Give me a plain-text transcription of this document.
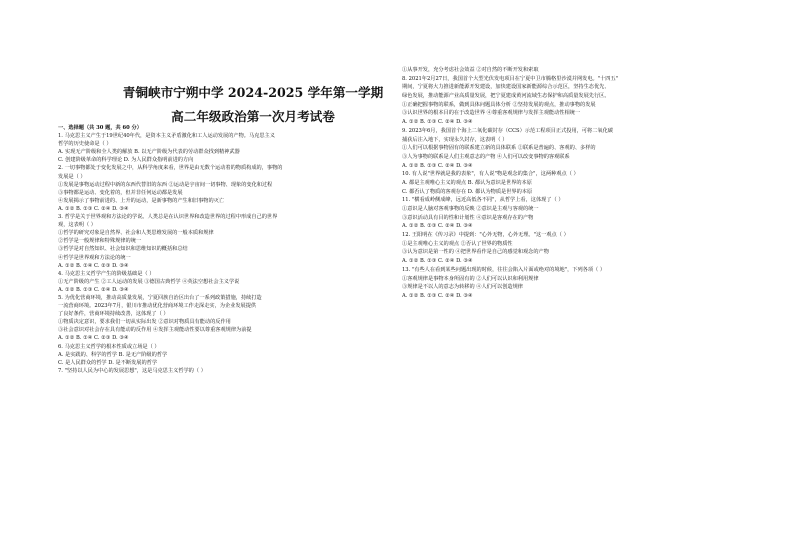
青铜峡市宁朔中学 2024-2025 学年第一学期
高二年级政治第一次月考试卷
一、选择题（共 30 题，共 60 分）
1. 马克思主义产生于19世纪40年代，是资本主义矛盾激化和工人运动发展的产物。马克思主义
哲学的历史使命是（ ）
A. 实现无产阶级和全人类的解放 B. 以无产阶级为代表的劳动群众找到精神武器
C. 创建阶级革命的科学理论 D. 为人民群众指明前进的方向
2. 一切事物都处于变化发展之中，从科学角度来看，世界是由无数个运动着的物质构成的，事物的
发展是（ ）
①发展是事物运动过程中新的东西代替旧的东西 ②运动是宇宙间一切事物、现象的变化和过程
③事物都是运动、变化着的，但并非任何运动都是发展
④发展揭示了事物前进的、上升的运动，是新事物的产生和旧事物的灭亡
A. ①② B. ①③ C. ②④ D. ③④
3. 哲学是关于世界观和方法论的学说。人类总是在认识世界和改造世界的过程中形成自己的世界
观，这表明（ ）
①哲学的研究对象是自然界、社会和人类思维发展的一般本质和规律
②哲学是一般规律和特殊规律的统一
③哲学是对自然知识、社会知识和思维知识的概括和总结
④哲学是世界观和方法论的统一
A. ①② B. ①④ C. ②③ D. ③④
4. 马克思主义哲学产生的阶级基础是（ ）
①无产阶级的产生 ②工人运动的发展 ③德国古典哲学 ④英法空想社会主义学说
A. ①② B. ①③ C. ②④ D. ③④
5. 为优化营商环境，推动高质量发展，宁夏回族自治区出台了一系列政策措施，持续打造
一流营商环境。2023年7月，银川市推动优化营商环境工作走深走实，为企业发展提供
了良好条件，营商环境持续改善，这体现了（ ）
①物质决定意识，要求我们一切从实际出发 ②意识对物质具有能动的反作用
③社会意识对社会存在具有能动的反作用 ④发挥主观能动性要以尊重客观规律为前提
A. ①② B. ①④ C. ②③ D. ③④
6. 马克思主义哲学的根本性质或立场是（ ）
A. 是实践的、科学的哲学 B. 是无产阶级的哲学
C. 是人民群众的哲学 D. 是不断发展的哲学
7. "坚持以人民为中心的发展思想"，这是马克思主义哲学的（ ）
①从事开发，充分考虑社会效益 ②对自然的不断开发和索取
8. 2021年2月27日，我国首个大型光伏发电项目在宁夏中卫市腾格里沙漠并网发电。"十四五"
期间，宁夏将大力推进新能源开发建设，加快建设国家新能源综合示范区，坚持生态优先、
绿色发展，推动能源产业高质量发展，把宁夏建成黄河流域生态保护和高质量发展先行区。
①正确把握事物的联系，做到具体问题具体分析 ②坚持发展的观点，推动事物的发展
③认识世界的根本目的在于改造世界 ④尊重客观规律与发挥主观能动性相统一
A. ①② B. ①③ C. ②④ D. ③④
9. 2023年6月，我国首个海上二氧化碳封存（CCS）示范工程项目正式投用，可将二氧化碳
捕获后注入地下，实现永久封存，这表明（ ）
①人们可以根据事物固有的联系建立新的具体联系 ②联系是普遍的、客观的、多样的
③人为事物的联系是人们主观意志的产物 ④人们可以改变事物的客观联系
A. ①② B. ①③ C. ②④ D. ③④
10. 有人说"世界就是我的表象"，有人说"物是观念的集合"，这两种观点（ ）
A. 都是主观唯心主义的观点 B. 都认为意识是世界的本原
C. 都否认了物质的客观存在 D. 都认为物质是世界的本原
11. "横看成岭侧成峰，远近高低各不同"，从哲学上看，这体现了（ ）
①意识是人脑对客观事物的反映 ②意识是主观与客观的统一
③意识活动具有目的性和计划性 ④意识是客观存在的产物
A. ①② B. ①③ C. ②④ D. ③④
12. 王阳明在《传习录》中提到："心外无物，心外无理。"这一观点（ ）
①是主观唯心主义的观点 ②否认了世界的物质性
③认为意识是第一性的 ④把世界看作是自己的感觉和观念的产物
A. ①② B. ①③ C. ②④ D. ③④
13. "有些人在看到某些问题出现的时候，往往会陷入片面或绝对的境地"，下列各项（ ）
①客观规律是事物本身所固有的 ②人们可以认识和利用规律
③规律是不以人的意志为转移的 ④人们可以创造规律
A. ①② B. ①③ C. ②④ D. ③④
